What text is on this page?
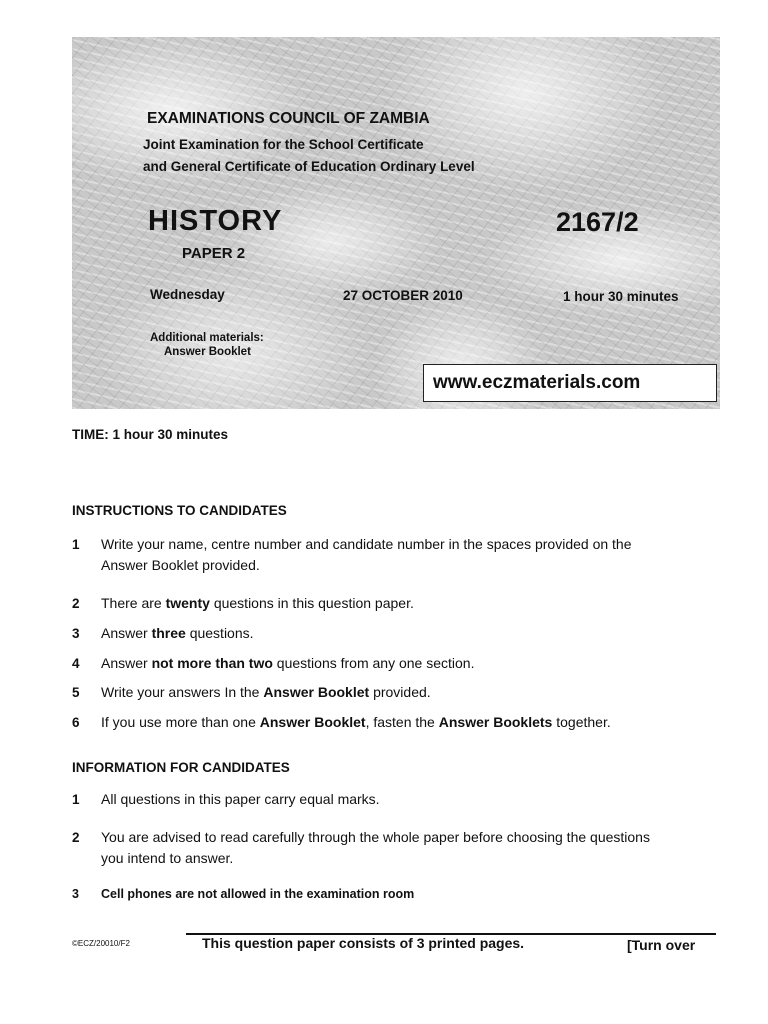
EXAMINATIONS COUNCIL OF ZAMBIA
Joint Examination for the School Certificate
and General Certificate of Education Ordinary Level
HISTORY	2167/2
PAPER 2
Wednesday	27 OCTOBER 2010	1 hour 30 minutes
Additional materials:
Answer Booklet
www.eczmaterials.com
TIME: 1 hour 30 minutes
INSTRUCTIONS TO CANDIDATES
1 Write your name, centre number and candidate number in the spaces provided on the
Answer Booklet provided.
2 There are twenty questions in this question paper.
3 Answer three questions.
4 Answer not more than two questions from any one section.
5 Write your answers In the Answer Booklet provided.
6 If you use more than one Answer Booklet, fasten the Answer Booklets together.
INFORMATION FOR CANDIDATES
1 All questions in this paper carry equal marks.
2 You are advised to read carefully through the whole paper before choosing the questions
you intend to answer.
3 Cell phones are not allowed in the examination room
©ECZ/20010/F2	This question paper consists of 3 printed pages.	[Turn over
